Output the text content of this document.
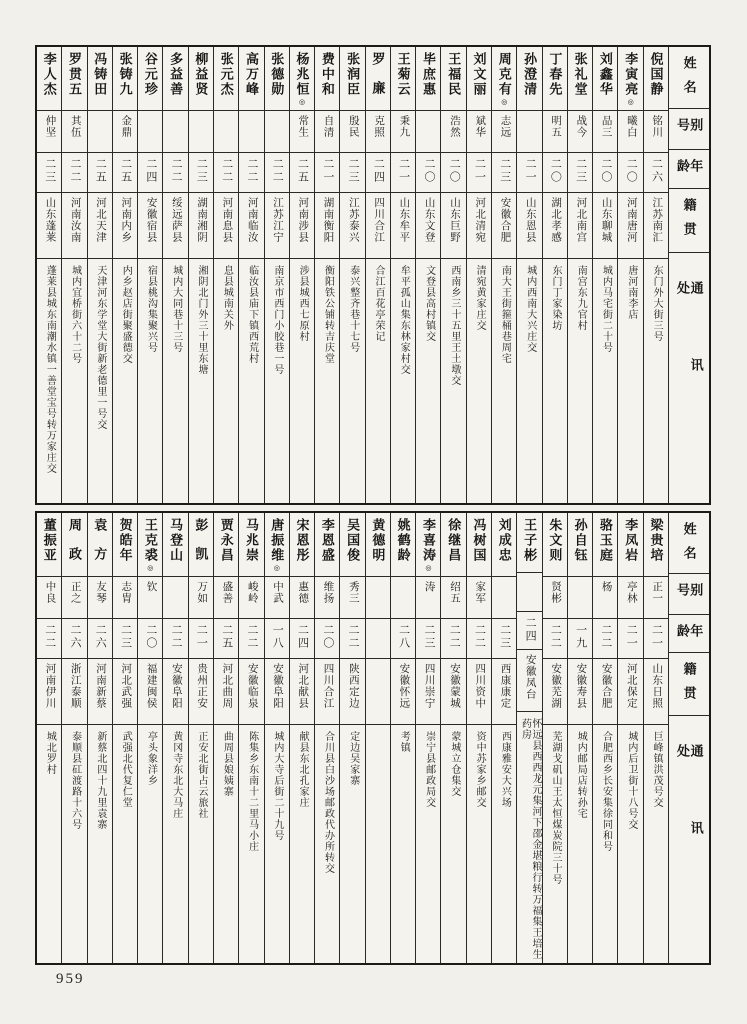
姓名
别号
年龄
籍贯
通讯处
倪国静
铭川
二六
江苏南汇
东门外大街三号
李寅亮◎
曦白
二〇
河南唐河
唐河南李店
刘鑫华
品三
二〇
山东聊城
城内马宅街二十号
张礼堂
战今
二三
河北南宫
南宫东九官村
丁春先
明五
二〇
湖北孝感
东门丁家染坊
孙澄清
二一
山东恩县
城内西南大兴庄交
周克有◎
志远
二三
安徽合肥
南大王街箍桶巷周宅
刘文丽
斌华
二一
河北清宛
清宛黄家庄交
王福民
浩然
二〇
山东巨野
西南乡三十五里王土墩交
毕庶惠
二〇
山东文登
文登县高村镇交
王菊云
秉九
二一
山东牟平
牟平孤山集东林家村交
罗廉
克照
二四
四川合江
合江百花亭荣记
张润臣
殷民
二三
江苏泰兴
泰兴整齐巷十七号
费中和
自清
二一
湖南衡阳
衡阳铁公铺转吉庆堂
杨兆恒◎
常生
二五
河南涉县
涉县城西七原村
张德勋
二二
江苏江宁
南京市西门小胶巷一号
高万峰
二二
河南临汝
临汝县庙下镇西荒村
张元杰
二二
河南息县
息县城南关外
柳益贤
二三
湖南湘阴
湘阴北门外三十里东塘
多益善
二二
绥远萨县
城内大同巷十三号
谷元珍
二四
安徽宿县
宿县桃沟集聚兴号
张铸九
金鼎
二五
河南内乡
内乡赵店街聚盛德交
冯铸田
二五
河北天津
天津河东学堂大街新老德里一号交
罗贯五
其伍
二二
河南汝南
城内宜桥街六十二号
李人杰
仲坚
二三
山东蓬莱
蓬莱县城东南潮水镇一善堂宝号转万家庄交
姓名
别号
年龄
籍贯
通讯处
梁贵培
正一
二一
山东日照
巨峰镇洪茂号交
李凤岩
亭林
二一
河北保定
城内后卫街十八号交
骆玉庭
杨
二二
安徽合肥
合肥西乡长安集徐同和号
孙自钰
一九
安徽寿县
城内邮局店转孙宅
朱文则
贤彬
二二
安徽芜湖
芜湖戈矶山王太恒煤炭院三十号
王子彬
二四
安徽凤台
怀远县西西龙元集河下邵金堪粮行转万福集王培生药房
刘成忠
二三
西康康定
西康雅安大兴场
冯树国
家军
二二
四川资中
资中苏家乡邮交
徐继昌
绍五
二二
安徽蒙城
蒙城立仓集交
李喜涛◎
涛
二三
四川崇宁
崇宁县邮政局交
姚鹤龄
二八
安徽怀远
考镇
黄德明
吴国俊
秀三
二二
陕西定边
定边吴家寨
李恩盛
维扬
二〇
四川合江
合川县白沙场邮政代办所转交
宋恩彤
惠德
二四
河北献县
献县东北孔家庄
唐振维◎
中武
一八
安徽阜阳
城内大寺后街二十九号
马兆崇
峻岭
二二
安徽临泉
陈集乡东南十二里马小庄
贾永昌
盛善
二五
河北曲周
曲周县娘姨寨
彭凯
万如
二一
贵州正安
正安北街占云旅社
马登山
二二
安徽阜阳
黄冈寺东北大马庄
王克裘◎
钦
二〇
福建闽侯
亭头象洋乡
贺皓年
志胄
二三
河北武强
武强北代复仁堂
袁方
友琴
二六
河南新蔡
新蔡北四十九里袁寨
周政
正之
二六
浙江泰顺
泰顺县矼渡路十六号
董振亚
中良
二二
河南伊川
城北罗村
959
